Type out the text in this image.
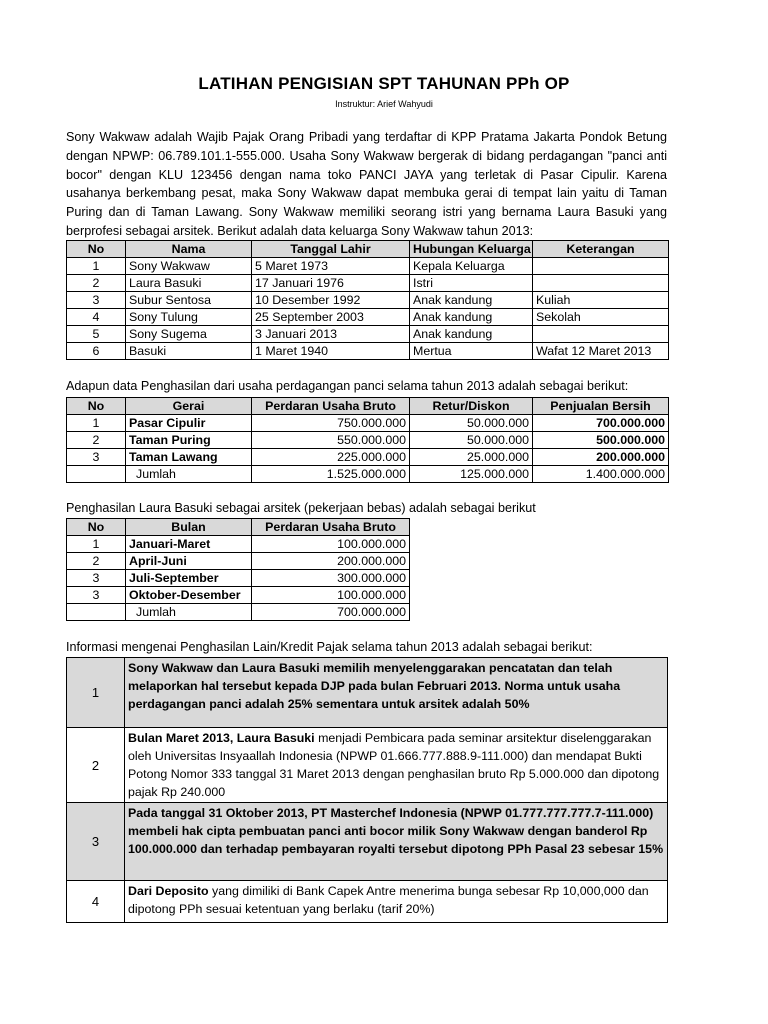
LATIHAN PENGISIAN SPT TAHUNAN PPh OP
Instruktur: Arief Wahyudi
Sony Wakwaw adalah Wajib Pajak Orang Pribadi yang terdaftar di KPP Pratama Jakarta Pondok Betung dengan NPWP: 06.789.101.1-555.000. Usaha Sony Wakwaw bergerak di bidang perdagangan "panci anti bocor" dengan KLU 123456 dengan nama toko PANCI JAYA yang terletak di Pasar Cipulir. Karena usahanya berkembang pesat, maka Sony Wakwaw dapat membuka gerai di tempat lain yaitu di Taman Puring dan di Taman Lawang. Sony Wakwaw memiliki seorang istri yang bernama Laura Basuki yang berprofesi sebagai arsitek. Berikut adalah data keluarga Sony Wakwaw tahun 2013:
No	Nama	Tanggal Lahir	Hubungan Keluarga	Keterangan
1	Sony Wakwaw	5 Maret 1973	Kepala Keluarga	
2	Laura Basuki	17 Januari 1976	Istri	
3	Subur Sentosa	10 Desember 1992	Anak kandung	Kuliah
4	Sony Tulung	25 September 2003	Anak kandung	Sekolah
5	Sony Sugema	3 Januari 2013	Anak kandung	
6	Basuki	1 Maret 1940	Mertua	Wafat 12 Maret 2013
Adapun data Penghasilan dari usaha perdagangan panci selama tahun 2013 adalah sebagai berikut:
No	Gerai	Perdaran Usaha Bruto	Retur/Diskon	Penjualan Bersih
1	Pasar Cipulir	750.000.000	50.000.000	700.000.000
2	Taman Puring	550.000.000	50.000.000	500.000.000
3	Taman Lawang	225.000.000	25.000.000	200.000.000
	Jumlah	1.525.000.000	125.000.000	1.400.000.000
Penghasilan Laura Basuki sebagai arsitek (pekerjaan bebas) adalah sebagai berikut
No	Bulan	Perdaran Usaha Bruto
1	Januari-Maret	100.000.000
2	April-Juni	200.000.000
3	Juli-September	300.000.000
3	Oktober-Desember	100.000.000
	Jumlah	700.000.000
Informasi mengenai Penghasilan Lain/Kredit Pajak selama tahun 2013 adalah sebagai berikut:
1	Sony Wakwaw dan Laura Basuki memilih menyelenggarakan pencatatan dan telah melaporkan hal tersebut kepada DJP pada bulan Februari 2013. Norma untuk usaha perdagangan panci adalah 25% sementara untuk arsitek adalah 50%
2	Bulan Maret 2013, Laura Basuki menjadi Pembicara pada seminar arsitektur diselenggarakan oleh Universitas Insyaallah Indonesia (NPWP 01.666.777.888.9-111.000) dan mendapat Bukti Potong Nomor 333 tanggal 31 Maret 2013 dengan penghasilan bruto Rp 5.000.000 dan dipotong pajak Rp 240.000
3	Pada tanggal 31 Oktober 2013, PT Masterchef Indonesia (NPWP 01.777.777.777.7-111.000) membeli hak cipta pembuatan panci anti bocor milik Sony Wakwaw dengan banderol Rp 100.000.000 dan terhadap pembayaran royalti tersebut dipotong PPh Pasal 23 sebesar 15%
4	Dari Deposito yang dimiliki di Bank Capek Antre menerima bunga sebesar Rp 10,000,000 dan dipotong PPh sesuai ketentuan yang berlaku (tarif 20%)
